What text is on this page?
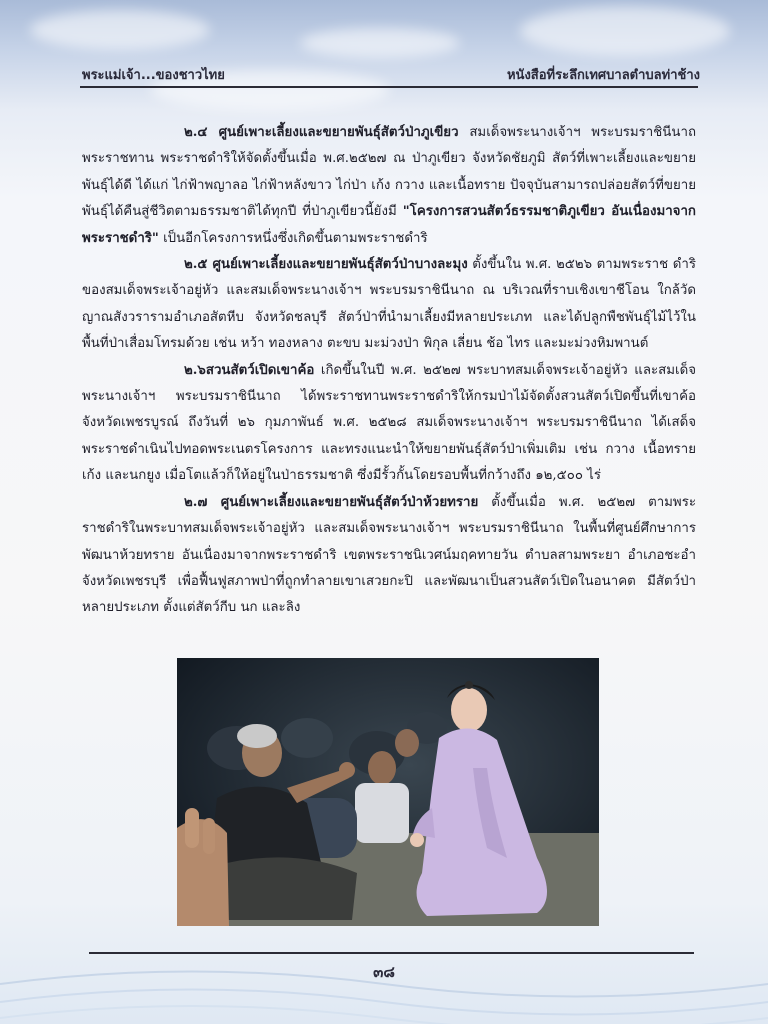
พระแม่เจ้า...ของชาวไทย	หนังสือที่ระลึกเทศบาลตำบลท่าช้าง

๒.๔ ศูนย์เพาะเลี้ยงและขยายพันธุ์สัตว์ป่าภูเขียว สมเด็จพระนางเจ้าฯ พระบรมราชินีนาถ พระราชทาน พระราชดำริให้จัดตั้งขึ้นเมื่อ พ.ศ.๒๕๒๗ ณ ป่าภูเขียว จังหวัดชัยภูมิ สัตว์ที่เพาะเลี้ยงและขยายพันธุ์ได้ดี ได้แก่ ไก่ฟ้าพญาลอ ไก่ฟ้าหลังขาว ไก่ป่า เก้ง กวาง และเนื้อทราย ปัจจุบันสามารถปล่อยสัตว์ที่ขยายพันธุ์ได้คืนสู่ชีวิตตามธรรมชาติได้ทุกปี ที่ป่าภูเขียวนี้ยังมี "โครงการสวนสัตว์ธรรมชาติภูเขียว อันเนื่องมาจากพระราชดำริ" เป็นอีกโครงการหนึ่งซึ่งเกิดขึ้นตามพระราชดำริ

๒.๕ ศูนย์เพาะเลี้ยงและขยายพันธุ์สัตว์ป่าบางละมุง ตั้งขึ้นใน พ.ศ. ๒๕๒๖ ตามพระราช ดำริของสมเด็จพระเจ้าอยู่หัว และสมเด็จพระนางเจ้าฯ พระบรมราชินีนาถ ณ บริเวณที่ราบเชิงเขาชีโอน ใกล้วัดญาณสังวรารามอำเภอสัตหีบ จังหวัดชลบุรี สัตว์ป่าที่นำมาเลี้ยงมีหลายประเภท และได้ปลูกพืชพันธุ์ไม้ไว้ในพื้นที่ป่าเสื่อมโทรมด้วย เช่น หว้า ทองหลาง ตะขบ มะม่วงป่า พิกุล เลี่ยน ช้อ ไทร และมะม่วงหิมพานต์

๒.๖สวนสัตว์เปิดเขาค้อ เกิดขึ้นในปี พ.ศ. ๒๕๒๗ พระบาทสมเด็จพระเจ้าอยู่หัว และสมเด็จพระนางเจ้าฯ พระบรมราชินีนาถ ได้พระราชทานพระราชดำริให้กรมป่าไม้จัดตั้งสวนสัตว์เปิดขึ้นที่เขาค้อ จังหวัดเพชรบูรณ์ ถึงวันที่ ๒๖ กุมภาพันธ์ พ.ศ. ๒๕๒๘ สมเด็จพระนางเจ้าฯ พระบรมราชินีนาถ ได้เสด็จพระราชดำเนินไปทอดพระเนตรโครงการ และทรงแนะนำให้ขยายพันธุ์สัตว์ป่าเพิ่มเติม เช่น กวาง เนื้อทราย เก้ง และนกยูง เมื่อโตแล้วก็ให้อยู่ในป่าธรรมชาติ ซึ่งมีรั้วกั้นโดยรอบพื้นที่กว้างถึง ๑๒,๕๐๐ ไร่

๒.๗ ศูนย์เพาะเลี้ยงและขยายพันธุ์สัตว์ป่าห้วยทราย ตั้งขึ้นเมื่อ พ.ศ. ๒๕๒๗ ตามพระราชดำริในพระบาทสมเด็จพระเจ้าอยู่หัว และสมเด็จพระนางเจ้าฯ พระบรมราชินีนาถ ในพื้นที่ศูนย์ศึกษาการพัฒนาห้วยทราย อันเนื่องมาจากพระราชดำริ เขตพระราชนิเวศน์มฤคทายวัน ตำบลสามพระยา อำเภอชะอำ จังหวัดเพชรบุรี เพื่อฟื้นฟูสภาพป่าที่ถูกทำลายเขาเสวยกะปิ และพัฒนาเป็นสวนสัตว์เปิดในอนาคต มีสัตว์ป่าหลายประเภท ตั้งแต่สัตว์กีบ นก และลิง

๓๘
